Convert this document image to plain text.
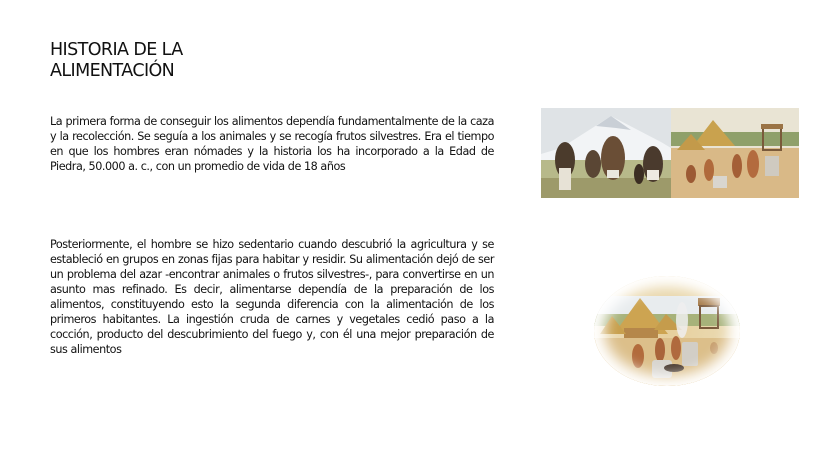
HISTORIA DE LA
ALIMENTACIÓN

La primera forma de conseguir los alimentos dependía fundamentalmente de la caza y la recolección. Se seguía a los animales y se recogía frutos silvestres. Era el tiempo en que los hombres eran nómades y la historia los ha incorporado a la Edad de Piedra, 50.000 a. c., con un promedio de vida de 18 años

Posteriormente, el hombre se hizo sedentario cuando descubrió la agricultura y se estableció en grupos en zonas fijas para habitar y residir. Su alimentación dejó de ser un problema del azar -encontrar animales o frutos silvestres-, para convertirse en un asunto mas refinado. Es decir, alimentarse dependía de la preparación de los alimentos, constituyendo esto la segunda diferencia con la alimentación de los primeros habitantes. La ingestión cruda de carnes y vegetales cedió paso a la cocción, producto del descubrimiento del fuego y, con él una mejor preparación de sus alimentos
